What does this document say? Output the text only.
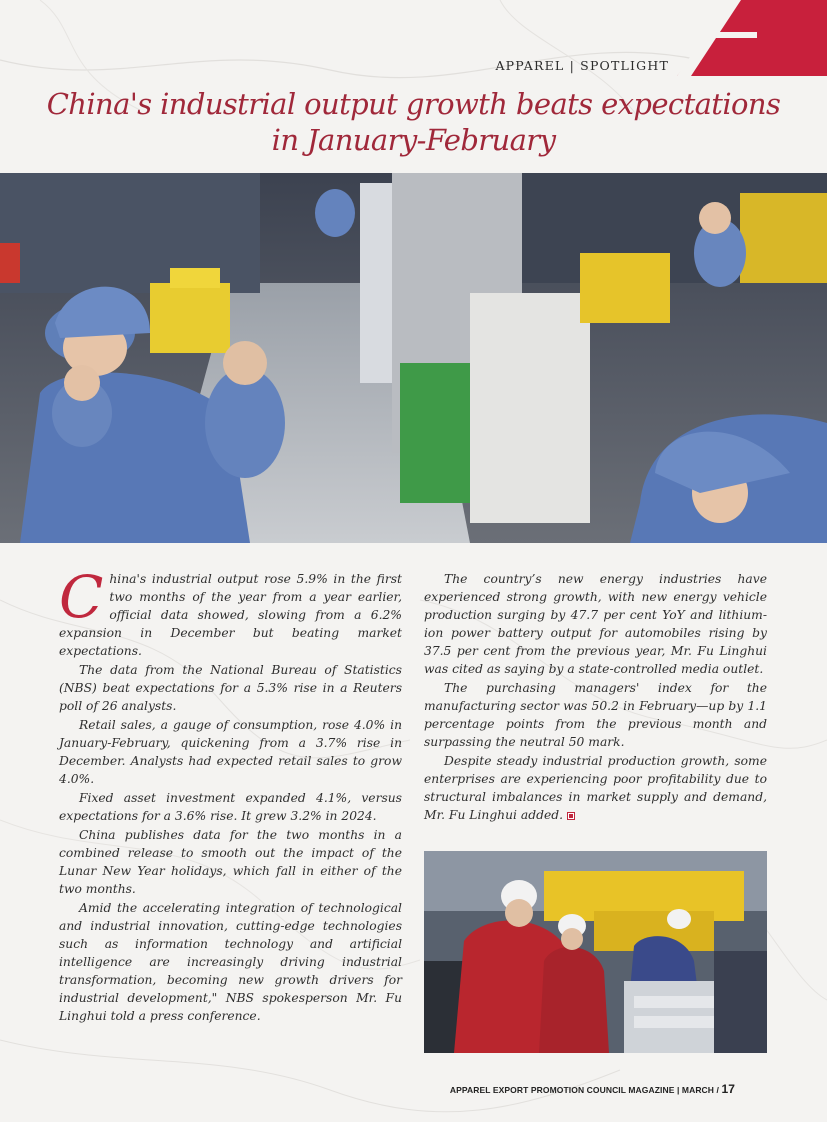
APPAREL | SPOTLIGHT
China's industrial output growth beats expectations in January-February

China's industrial output rose 5.9% in the first two months of the year from a year earlier, official data showed, slowing from a 6.2% expansion in December but beating market expectations.

The data from the National Bureau of Statistics (NBS) beat expectations for a 5.3% rise in a Reuters poll of 26 analysts.

Retail sales, a gauge of consumption, rose 4.0% in January-February, quickening from a 3.7% rise in December. Analysts had expected retail sales to grow 4.0%.

Fixed asset investment expanded 4.1%, versus expectations for a 3.6% rise. It grew 3.2% in 2024.

China publishes data for the two months in a combined release to smooth out the impact of the Lunar New Year holidays, which fall in either of the two months.

Amid the accelerating integration of technological and industrial innovation, cutting-edge technologies such as information technology and artificial intelligence are increasingly driving industrial transformation, becoming new growth drivers for industrial development," NBS spokesperson Mr. Fu Linghui told a press conference.

The country’s new energy industries have experienced strong growth, with new energy vehicle production surging by 47.7 per cent YoY and lithium-ion power battery output for automobiles rising by 37.5 per cent from the previous year, Mr. Fu Linghui was cited as saying by a state-controlled media outlet.

The purchasing managers' index for the manufacturing sector was 50.2 in February—up by 1.1 percentage points from the previous month and surpassing the neutral 50 mark.

Despite steady industrial production growth, some enterprises are experiencing poor profitability due to structural imbalances in market supply and demand, Mr. Fu Linghui added.

APPAREL EXPORT PROMOTION COUNCIL MAGAZINE | MARCH / 17
